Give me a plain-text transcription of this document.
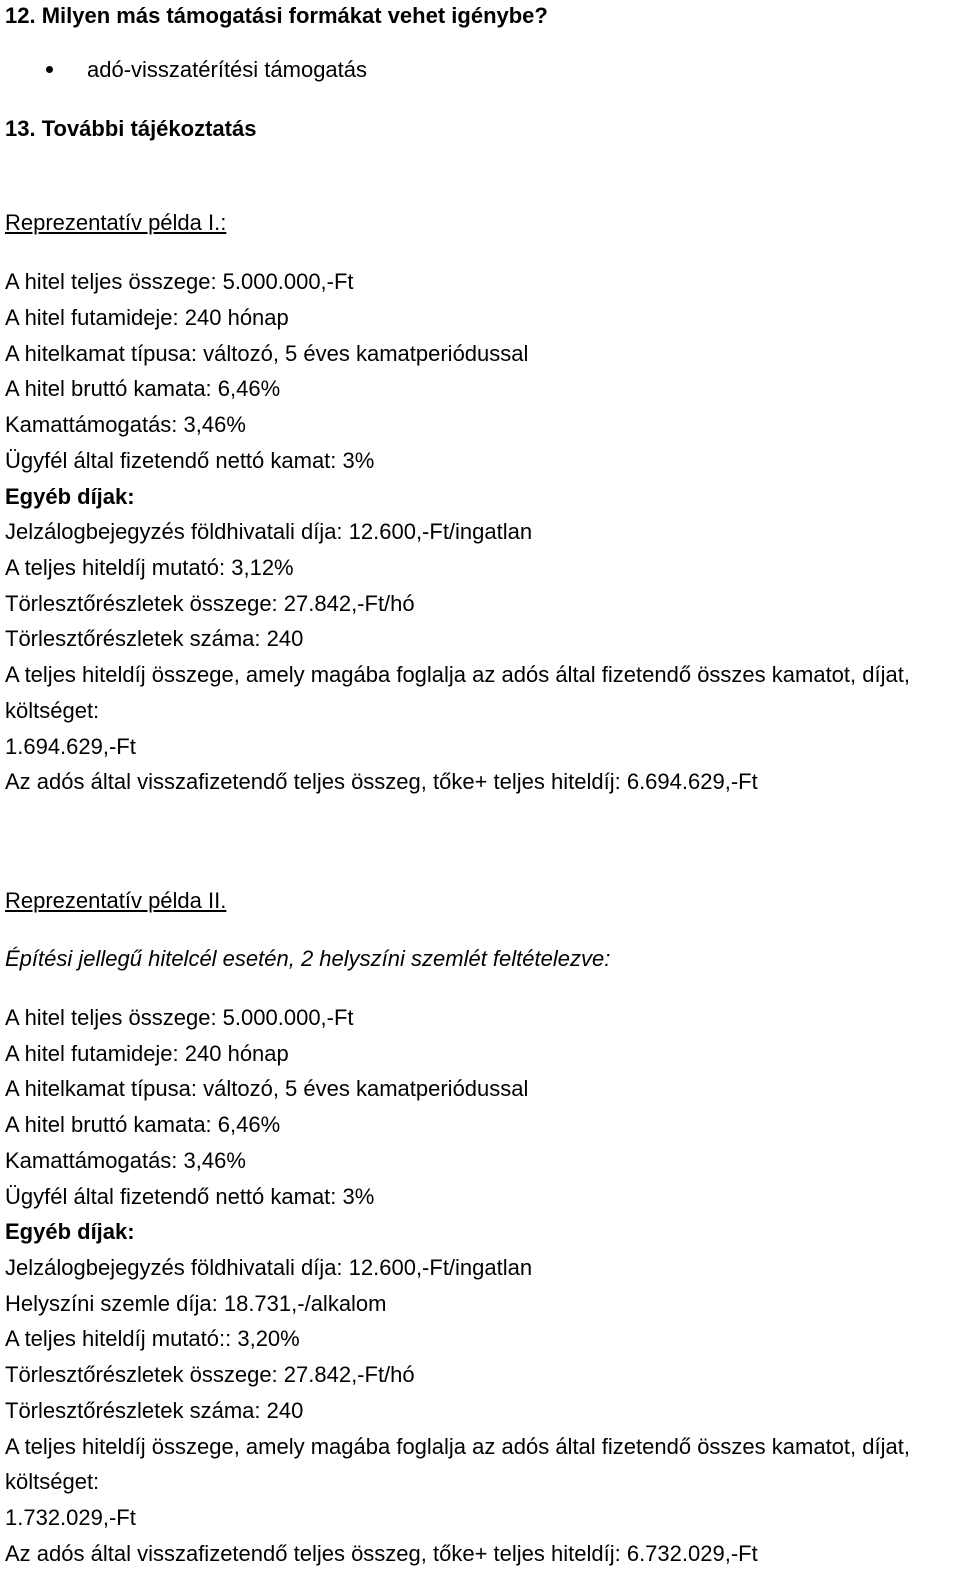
12. Milyen más támogatási formákat vehet igénybe?
adó-visszatérítési támogatás
13. További tájékoztatás
Reprezentatív példa I.:
A hitel teljes összege: 5.000.000,-Ft
A hitel futamideje: 240 hónap
A hitelkamat típusa: változó, 5 éves kamatperiódussal
A hitel bruttó kamata: 6,46%
Kamattámogatás: 3,46%
Ügyfél által fizetendő nettó kamat: 3%
Egyéb díjak:
Jelzálogbejegyzés földhivatali díja: 12.600,-Ft/ingatlan
A teljes hiteldíj mutató: 3,12%
Törlesztőrészletek összege: 27.842,-Ft/hó
Törlesztőrészletek száma: 240
A teljes hiteldíj összege, amely magába foglalja az adós által fizetendő összes kamatot, díjat,
költséget:
1.694.629,-Ft
Az adós által visszafizetendő teljes összeg, tőke+ teljes hiteldíj: 6.694.629,-Ft
Reprezentatív példa II.
Építési jellegű hitelcél esetén, 2 helyszíni szemlét feltételezve:
A hitel teljes összege: 5.000.000,-Ft
A hitel futamideje: 240 hónap
A hitelkamat típusa: változó, 5 éves kamatperiódussal
A hitel bruttó kamata: 6,46%
Kamattámogatás: 3,46%
Ügyfél által fizetendő nettó kamat: 3%
Egyéb díjak:
Jelzálogbejegyzés földhivatali díja: 12.600,-Ft/ingatlan
Helyszíni szemle díja: 18.731,-/alkalom
A teljes hiteldíj mutató:: 3,20%
Törlesztőrészletek összege: 27.842,-Ft/hó
Törlesztőrészletek száma: 240
A teljes hiteldíj összege, amely magába foglalja az adós által fizetendő összes kamatot, díjat,
költséget:
1.732.029,-Ft
Az adós által visszafizetendő teljes összeg, tőke+ teljes hiteldíj: 6.732.029,-Ft
